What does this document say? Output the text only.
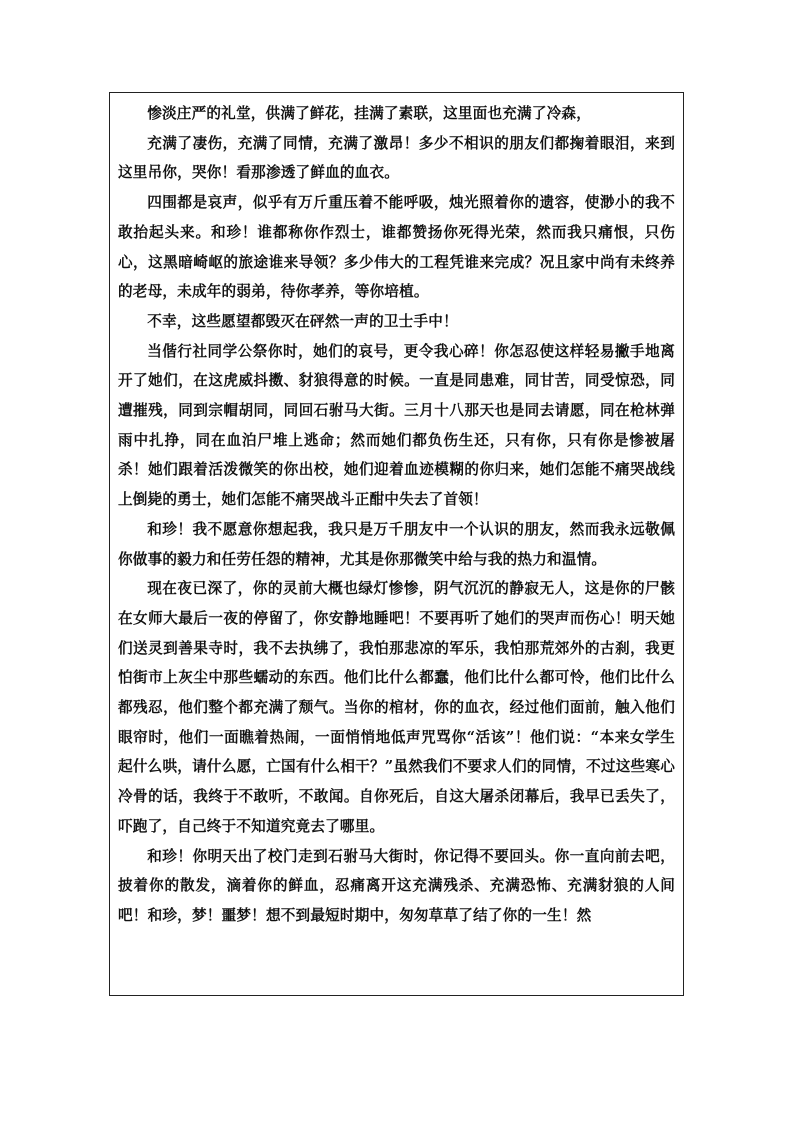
惨淡庄严的礼堂，供满了鲜花，挂满了素联，这里面也充满了冷森，

充满了凄伤，充满了同情，充满了激昂！多少不相识的朋友们都掬着眼泪，来到这里吊你，哭你！看那渗透了鲜血的血衣。

四围都是哀声，似乎有万斤重压着不能呼吸，烛光照着你的遗容，使渺小的我不敢抬起头来。和珍！谁都称你作烈士，谁都赞扬你死得光荣，然而我只痛恨，只伤心，这黑暗崎岖的旅途谁来导领？多少伟大的工程凭谁来完成？况且家中尚有未终养的老母，未成年的弱弟，待你孝养，等你培植。

不幸，这些愿望都毁灭在砰然一声的卫士手中！

当偕行社同学公祭你时，她们的哀号，更令我心碎！你怎忍使这样轻易撇手地离开了她们，在这虎威抖擞、豺狼得意的时候。一直是同患难，同甘苦，同受惊恐，同遭摧残，同到宗帽胡同，同回石驸马大街。三月十八那天也是同去请愿，同在枪林弹雨中扎挣，同在血泊尸堆上逃命；然而她们都负伤生还，只有你，只有你是惨被屠杀！她们跟着活泼微笑的你出校，她们迎着血迹模糊的你归来，她们怎能不痛哭战线上倒毙的勇士，她们怎能不痛哭战斗正酣中失去了首领！

和珍！我不愿意你想起我，我只是万千朋友中一个认识的朋友，然而我永远敬佩你做事的毅力和任劳任怨的精神，尤其是你那微笑中给与我的热力和温情。

现在夜已深了，你的灵前大概也绿灯惨惨，阴气沉沉的静寂无人，这是你的尸骸在女师大最后一夜的停留了，你安静地睡吧！不要再听了她们的哭声而伤心！明天她们送灵到善果寺时，我不去执绋了，我怕那悲凉的军乐，我怕那荒郊外的古刹，我更怕街市上灰尘中那些蠕动的东西。他们比什么都蠢，他们比什么都可怜，他们比什么都残忍，他们整个都充满了颓气。当你的棺材，你的血衣，经过他们面前，触入他们眼帘时，他们一面瞧着热闹，一面悄悄地低声咒骂你“活该”！他们说：“本来女学生起什么哄，请什么愿，亡国有什么相干？”虽然我们不要求人们的同情，不过这些寒心冷骨的话，我终于不敢听，不敢闻。自你死后，自这大屠杀闭幕后，我早已丢失了，吓跑了，自己终于不知道究竟去了哪里。

和珍！你明天出了校门走到石驸马大街时，你记得不要回头。你一直向前去吧，披着你的散发，滴着你的鲜血，忍痛离开这充满残杀、充满恐怖、充满豺狼的人间吧！和珍，梦！噩梦！想不到最短时期中，匆匆草草了结了你的一生！然
